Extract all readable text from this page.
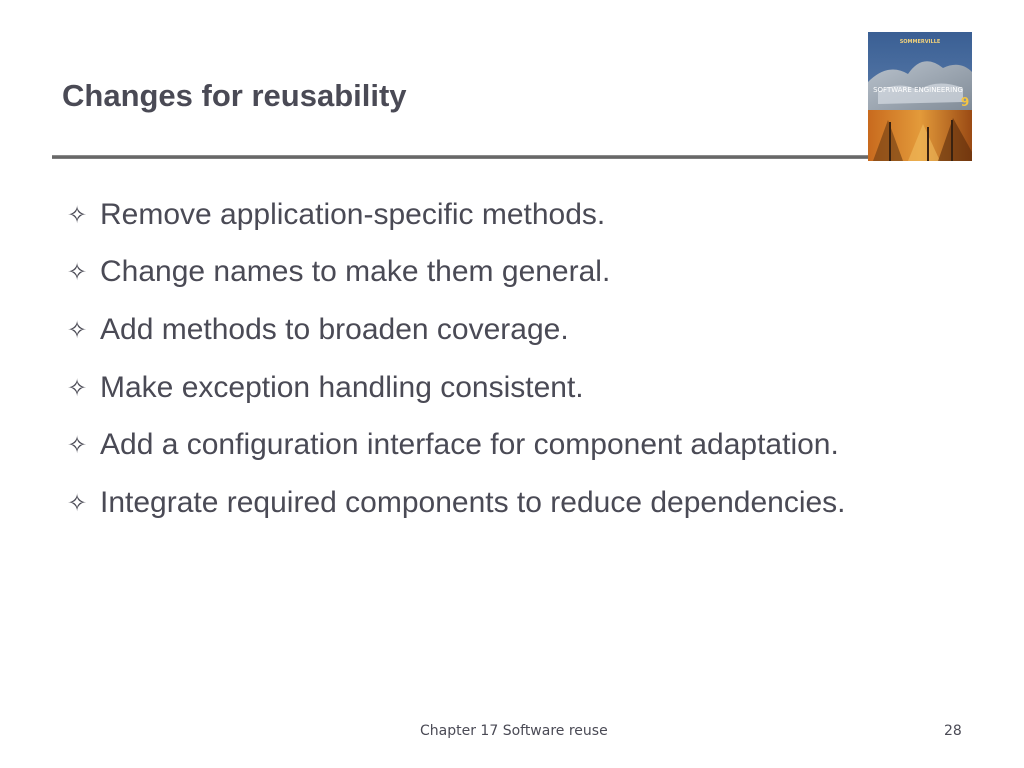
Changes for reusability
SOMMERVILLE
SOFTWARE ENGINEERING
9
✧ Remove application-specific methods.
✧ Change names to make them general.
✧ Add methods to broaden coverage.
✧ Make exception handling consistent.
✧ Add a configuration interface for component adaptation.
✧ Integrate required components to reduce dependencies.
Chapter 17 Software reuse	28
